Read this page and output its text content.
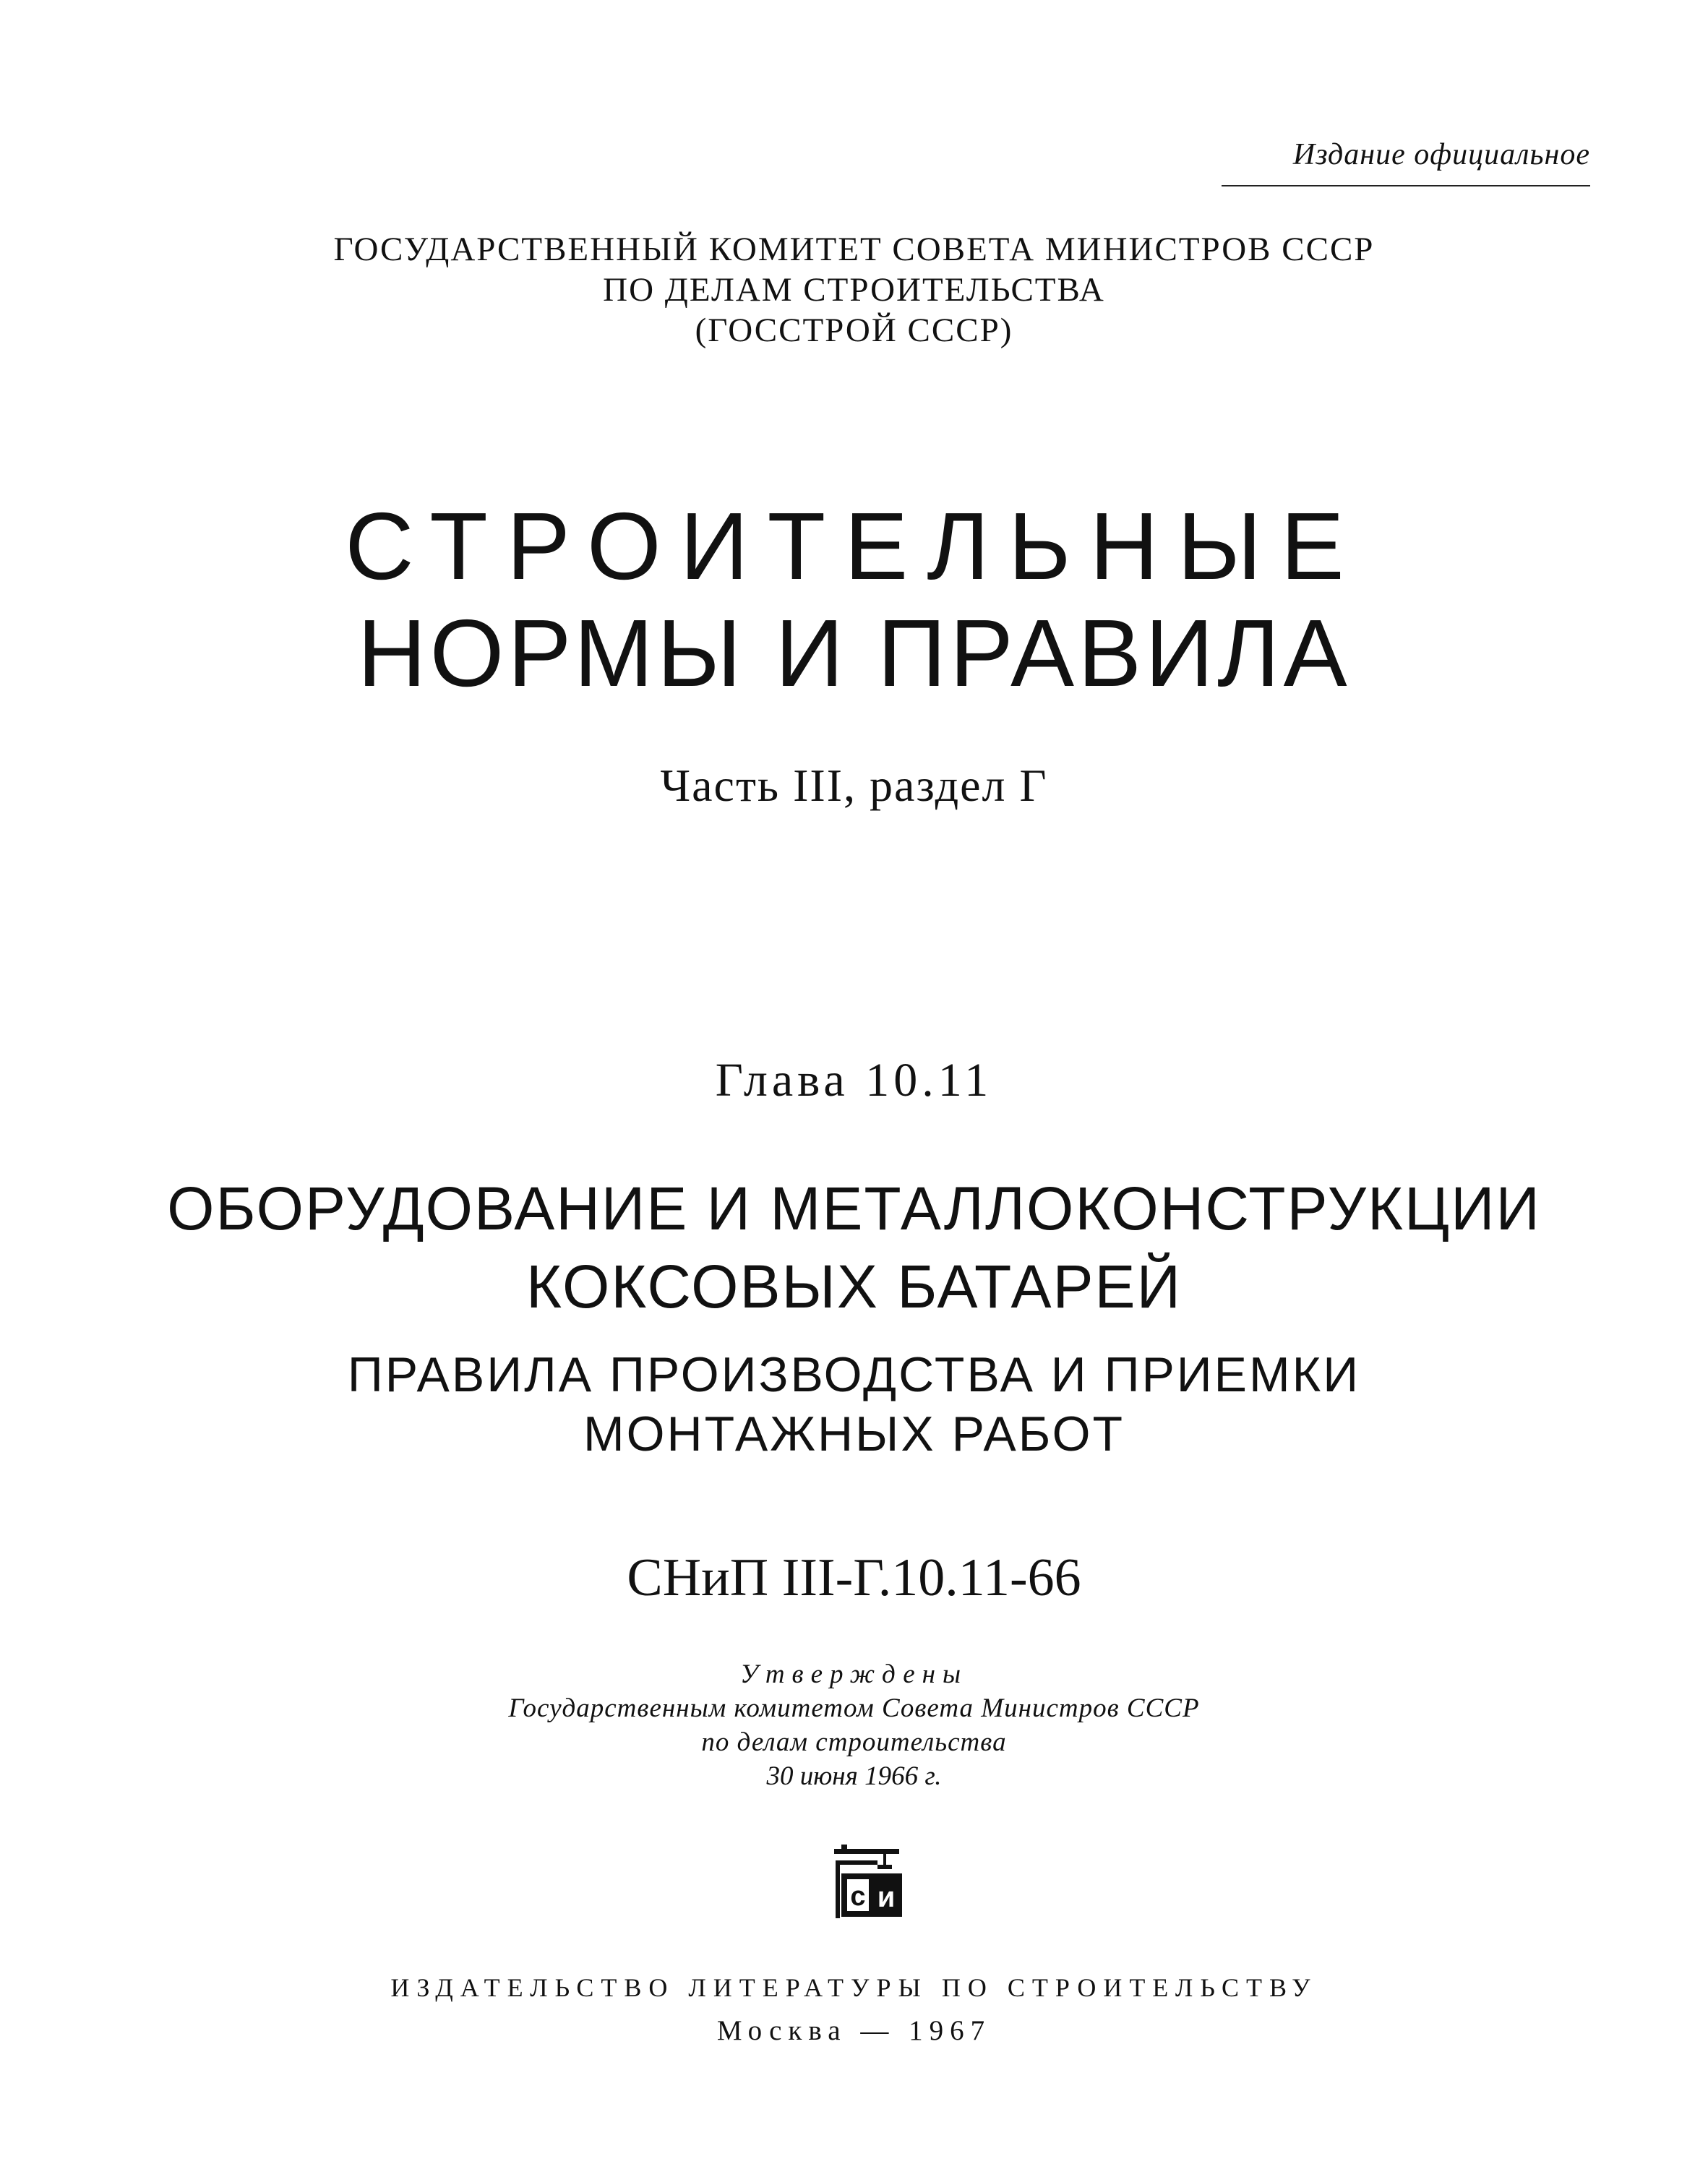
Издание официальное
ГОСУДАРСТВЕННЫЙ КОМИТЕТ СОВЕТА МИНИСТРОВ СССР
ПО ДЕЛАМ СТРОИТЕЛЬСТВА
(ГОССТРОЙ СССР)
СТРОИТЕЛЬНЫЕ
НОРМЫ И ПРАВИЛА
Часть III, раздел Г
Глава 10.11
ОБОРУДОВАНИЕ И МЕТАЛЛОКОНСТРУКЦИИ
КОКСОВЫХ БАТАРЕЙ
ПРАВИЛА ПРОИЗВОДСТВА И ПРИЕМКИ
МОНТАЖНЫХ РАБОТ
СНиП III-Г.10.11-66
Утверждены
Государственным комитетом Совета Министров СССР
по делам строительства
30 июня 1966 г.
с и
ИЗДАТЕЛЬСТВО ЛИТЕРАТУРЫ ПО СТРОИТЕЛЬСТВУ
Москва — 1967
